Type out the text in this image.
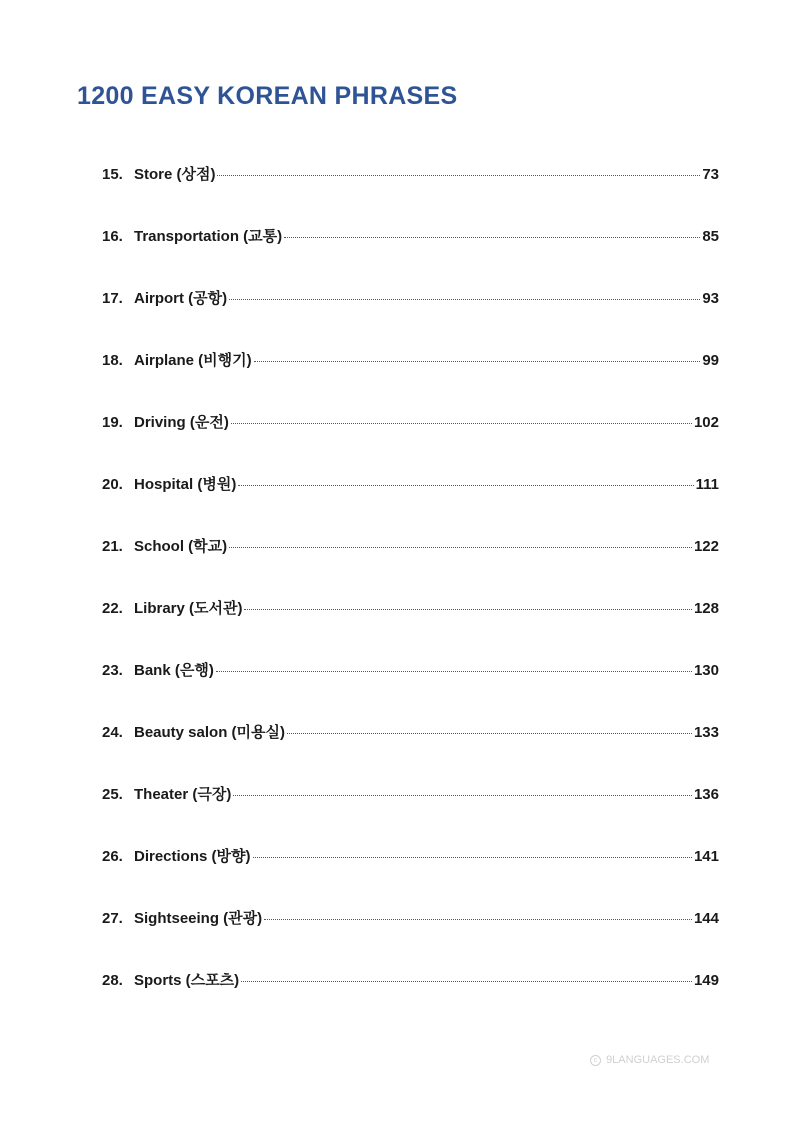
1200 EASY KOREAN PHRASES
15. Store (상점)	73
16. Transportation (교통)	85
17. Airport (공항)	93
18. Airplane (비행기)	99
19. Driving (운전)	102
20. Hospital (병원)	111
21. School (학교)	122
22. Library (도서관)	128
23. Bank (은행)	130
24. Beauty salon (미용실)	133
25. Theater (극장)	136
26. Directions (방향)	141
27. Sightseeing (관광)	144
28. Sports (스포츠)	149
c 9LANGUAGES.COM
